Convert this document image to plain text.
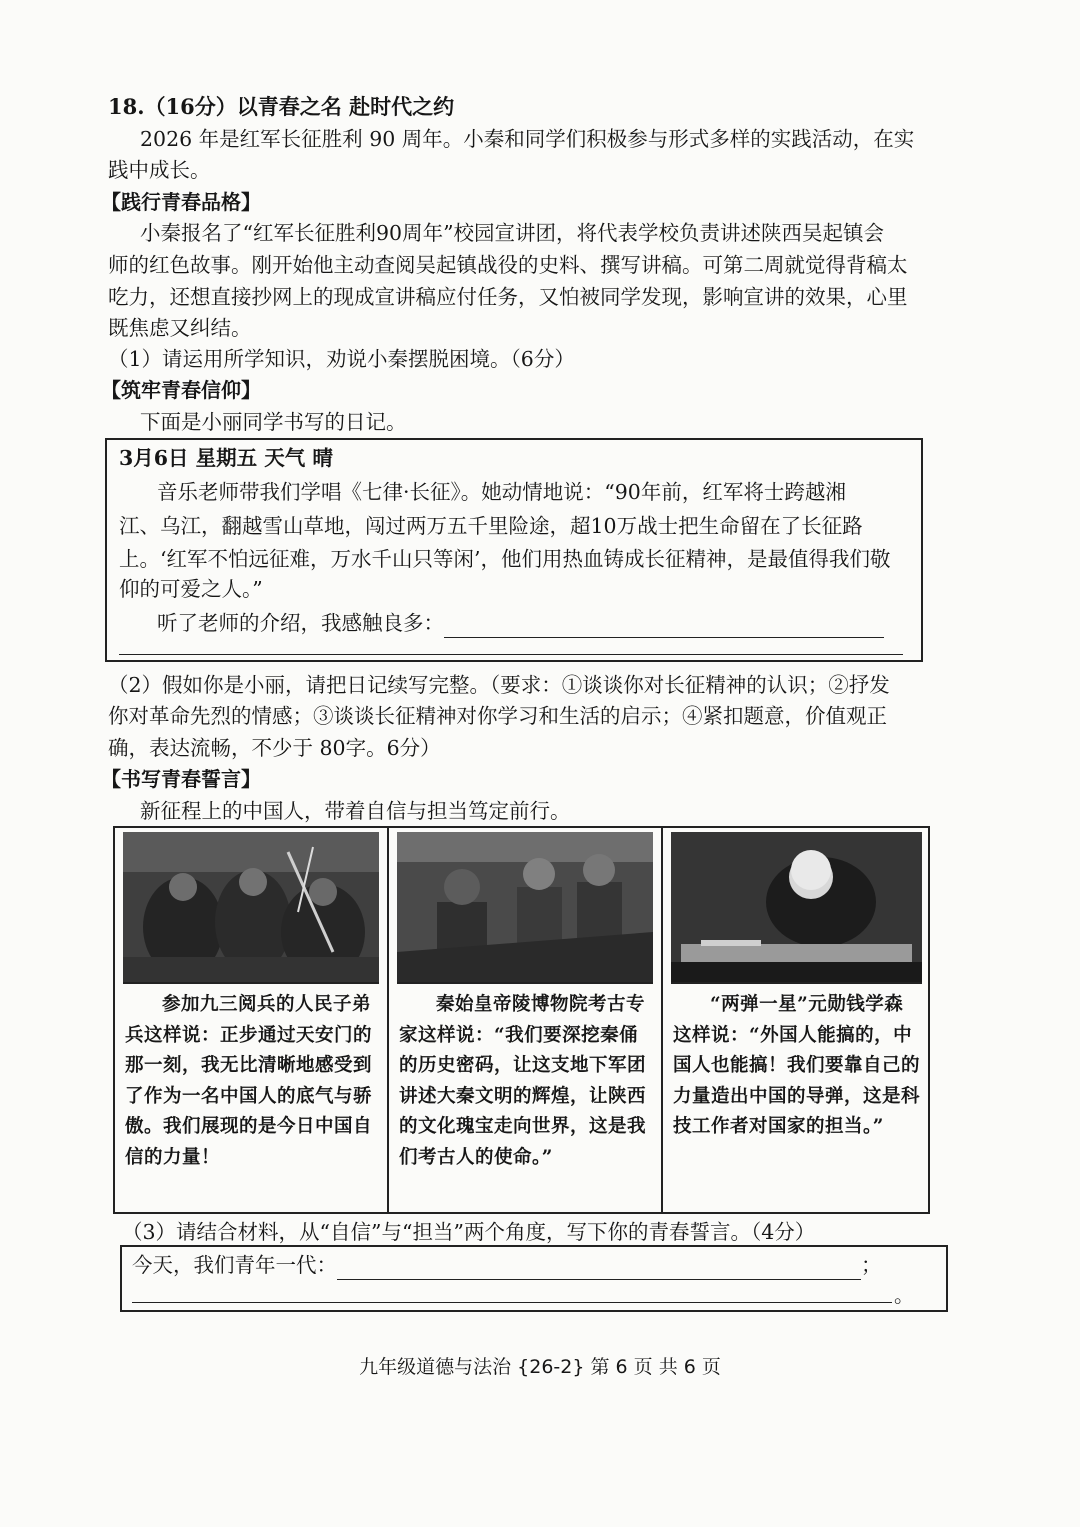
18.（16分）以青春之名 赴时代之约

2026 年是红军长征胜利 90 周年。小秦和同学们积极参与形式多样的实践活动，在实

践中成长。

【践行青春品格】

小秦报名了“红军长征胜利90周年”校园宣讲团，将代表学校负责讲述陕西吴起镇会

师的红色故事。刚开始他主动查阅吴起镇战役的史料、撰写讲稿。可第二周就觉得背稿太

吃力，还想直接抄网上的现成宣讲稿应付任务，又怕被同学发现，影响宣讲的效果，心里

既焦虑又纠结。

（1）请运用所学知识，劝说小秦摆脱困境。（6分）

【筑牢青春信仰】

下面是小丽同学书写的日记。

3月6日 星期五 天气 晴

音乐老师带我们学唱《七律·长征》。她动情地说：“90年前，红军将士跨越湘

江、乌江，翻越雪山草地，闯过两万五千里险途，超10万战士把生命留在了长征路

上。‘红军不怕远征难，万水千山只等闲’，他们用热血铸成长征精神，是最值得我们敬

仰的可爱之人。”

听了老师的介绍，我感触良多：

（2）假如你是小丽，请把日记续写完整。（要求：①谈谈你对长征精神的认识；②抒发

你对革命先烈的情感；③谈谈长征精神对你学习和生活的启示；④紧扣题意，价值观正

确，表达流畅，不少于 80字。6分）

【书写青春誓言】

新征程上的中国人，带着自信与担当笃定前行。

参加九三阅兵的人民子弟兵这样说：正步通过天安门的那一刻，我无比清晰地感受到了作为一名中国人的底气与骄傲。我们展现的是今日中国自信的力量！
秦始皇帝陵博物院考古专家这样说：“我们要深挖秦俑的历史密码，让这支地下军团讲述大秦文明的辉煌，让陕西的文化瑰宝走向世界，这是我们考古人的使命。”
“两弹一星”元勋钱学森这样说：“外国人能搞的，中国人也能搞！我们要靠自己的力量造出中国的导弹，这是科技工作者对国家的担当。”

（3）请结合材料，从“自信”与“担当”两个角度，写下你的青春誓言。（4分）

今天，我们青年一代：	；

。
九年级道德与法治 {26-2} 第 6 页 共 6 页
